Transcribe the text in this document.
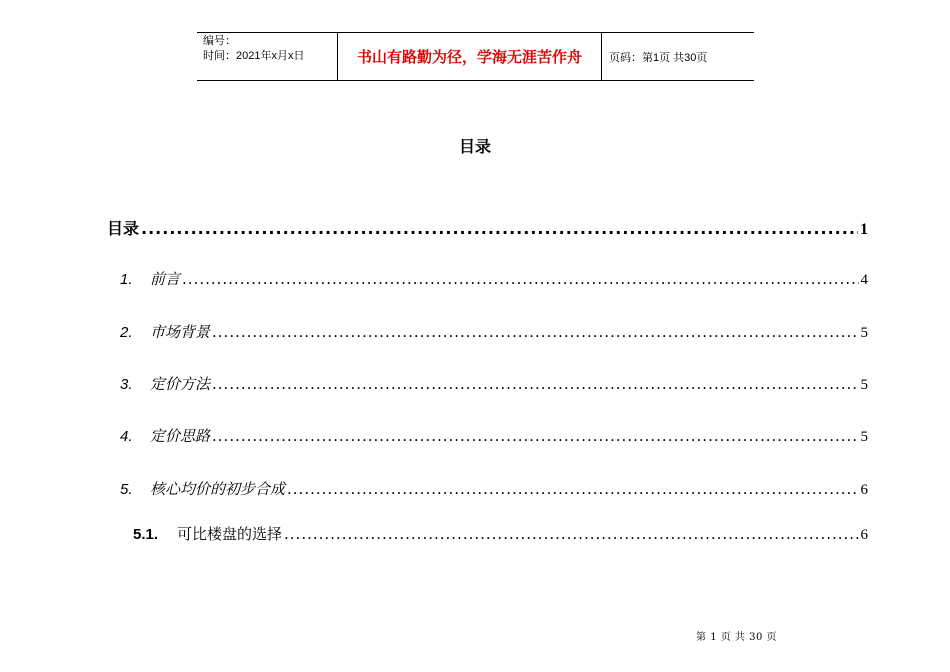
编号：
时间：2021年x月x日	书山有路勤为径，学海无涯苦作舟 页码：第1页 共30页
目录
目录 .....	1
1.	前言 .....	4
2.	市场背景 .....	5
3.	定价方法 .....	5
4.	定价思路 .....	5
5.	核心均价的初步合成 .....	6
5.1.	可比楼盘的选择 .....	6
第 1 页 共 30 页
